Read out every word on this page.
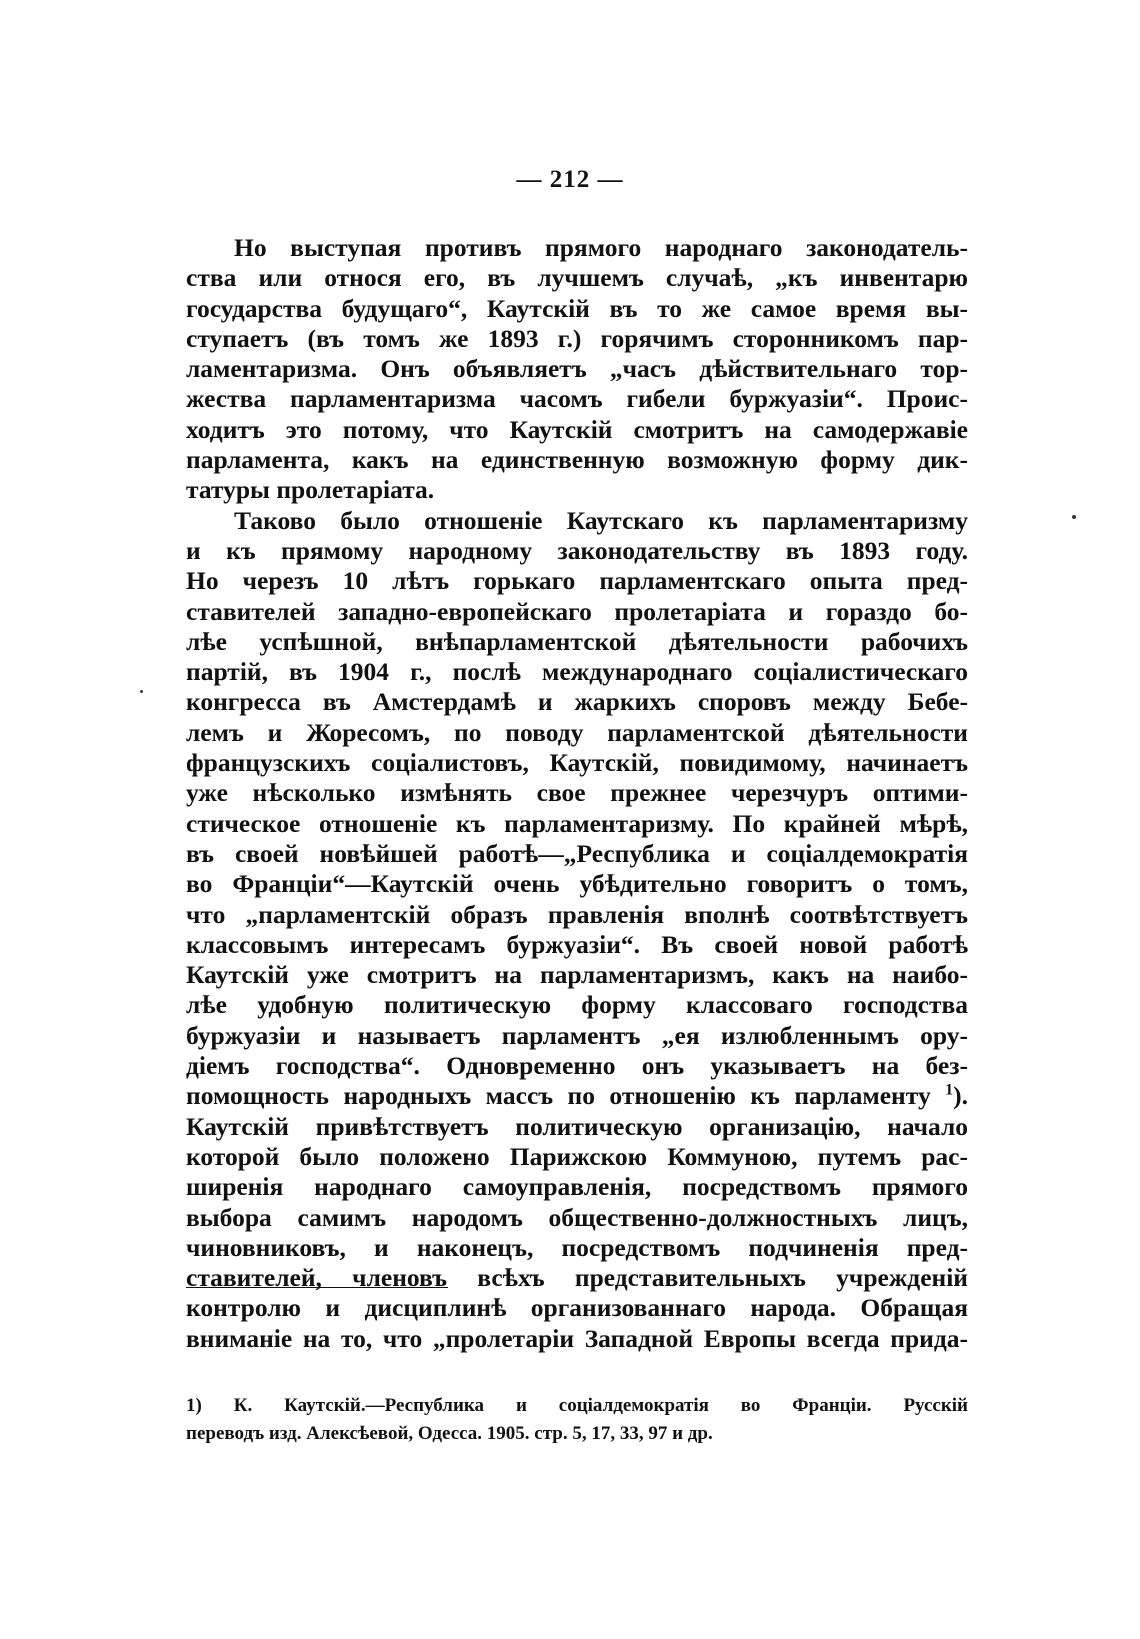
— 212 —
Но выступая противъ прямого народнаго законодатель-
ства или относя его, въ лучшемъ случаѣ, „къ инвентарю
государства будущаго“, Каутскій въ то же самое время вы-
ступаетъ (въ томъ же 1893 г.) горячимъ сторонникомъ пар-
ламентаризма. Онъ объявляетъ „часъ дѣйствительнаго тор-
жества парламентаризма часомъ гибели буржуазіи“. Проис-
ходитъ это потому, что Каутскій смотритъ на самодержавіе
парламента, какъ на единственную возможную форму дик-
татуры пролетаріата.
Таково было отношеніе Каутскаго къ парламентаризму
и къ прямому народному законодательству въ 1893 году.
Но черезъ 10 лѣтъ горькаго парламентскаго опыта пред-
ставителей западно-европейскаго пролетаріата и гораздо бо-
лѣе успѣшной, внѣпарламентской дѣятельности рабочихъ
партій, въ 1904 г., послѣ международнаго соціалистическаго
конгресса въ Амстердамѣ и жаркихъ споровъ между Бебе-
лемъ и Жоресомъ, по поводу парламентской дѣятельности
французскихъ соціалистовъ, Каутскій, повидимому, начинаетъ
уже нѣсколько измѣнять свое прежнее черезчуръ оптими-
стическое отношеніе къ парламентаризму. По крайней мѣрѣ,
въ своей новѣйшей работѣ—„Республика и соціалдемократія
во Франціи“—Каутскій очень убѣдительно говоритъ о томъ,
что „парламентскій образъ правленія вполнѣ соотвѣтствуетъ
классовымъ интересамъ буржуазіи“. Въ своей новой работѣ
Каутскій уже смотритъ на парламентаризмъ, какъ на наибо-
лѣе удобную политическую форму классоваго господства
буржуазіи и называетъ парламентъ „ея излюбленнымъ ору-
діемъ господства“. Одновременно онъ указываетъ на без-
помощность народныхъ массъ по отношенію къ парламенту $^1$).
Каутскій привѣтствуетъ политическую организацію, начало
которой было положено Парижскою Коммуною, путемъ рас-
ширенія народнаго самоуправленія, посредствомъ прямого
выбора самимъ народомъ общественно-должностныхъ лицъ,
чиновниковъ, и наконецъ, посредствомъ подчиненія пред-
ставителей, членовъ всѣхъ представительныхъ учрежденій
контролю и дисциплинѣ организованнаго народа. Обращая
вниманіе на то, что „пролетаріи Западной Европы всегда прида-
1) К. Каутскій.—Республика и соціалдемократія во Франціи. Русскій
переводъ изд. Алексѣевой, Одесса. 1905. стр. 5, 17, 33, 97 и др.
